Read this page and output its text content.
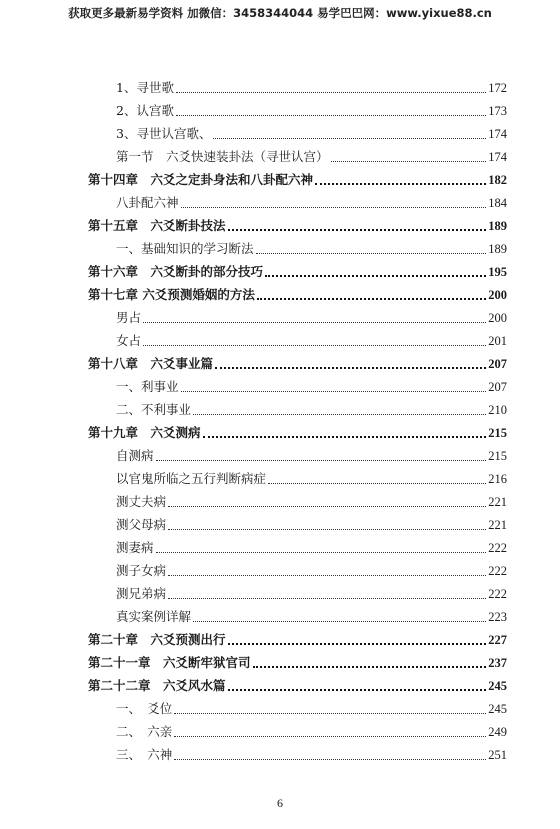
获取更多最新易学资料 加微信：3458344044 易学巴巴网：www.yixue88.cn
1、寻世歌	172
2、认宫歌	173
3、寻世认宫歌、	174
第一节　六爻快速装卦法（寻世认宫）	174
第十四章　六爻之定卦身法和八卦配六神	182
八卦配六神	184
第十五章　六爻断卦技法	189
一、基础知识的学习断法	189
第十六章　六爻断卦的部分技巧	195
第十七章 六爻预测婚姻的方法	200
男占	200
女占	201
第十八章　六爻事业篇	207
一、利事业	207
二、不利事业	210
第十九章　六爻测病	215
自测病	215
以官鬼所临之五行判断病症	216
测丈夫病	221
测父母病	221
测妻病	222
测子女病	222
测兄弟病	222
真实案例详解	223
第二十章　六爻预测出行	227
第二十一章　六爻断牢狱官司	237
第二十二章　六爻风水篇	245
一、　爻位	245
二、　六亲	249
三、　六神	251
6
